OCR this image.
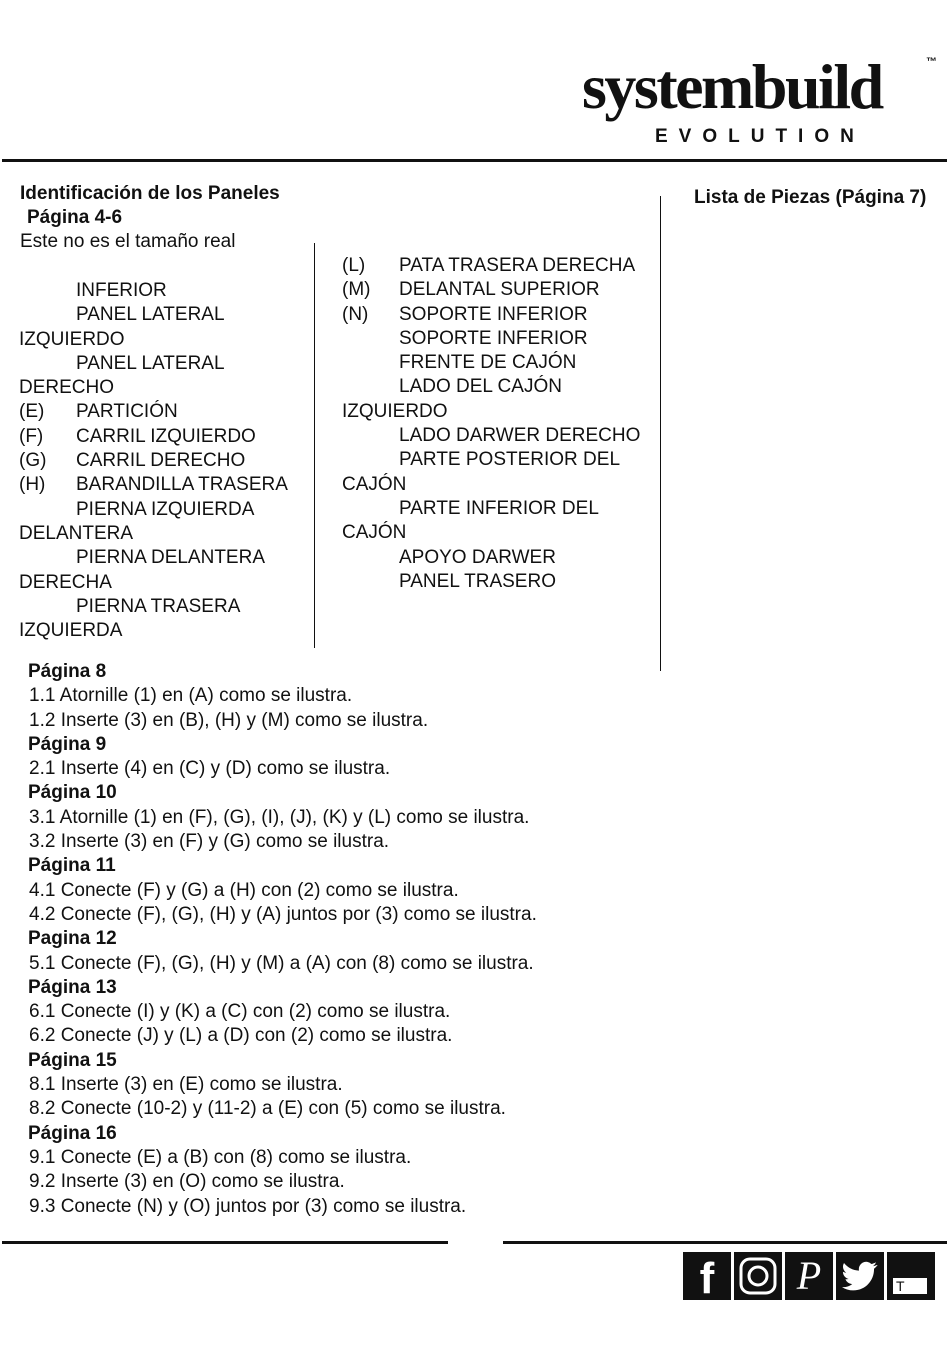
systembuild	™
EVOLUTION
Identificación de los Paneles
Página 4-6
Este no es el tamaño real
INFERIOR
PANEL LATERAL
IZQUIERDO
PANEL LATERAL
DERECHO
(E) PARTICIÓN
(F) CARRIL IZQUIERDO
(G) CARRIL DERECHO
(H) BARANDILLA TRASERA
PIERNA IZQUIERDA
DELANTERA
PIERNA DELANTERA
DERECHA
PIERNA TRASERA
IZQUIERDA
(L) PATA TRASERA DERECHA
(M) DELANTAL SUPERIOR
(N) SOPORTE INFERIOR
SOPORTE INFERIOR
FRENTE DE CAJÓN
LADO DEL CAJÓN
IZQUIERDO
LADO DARWER DERECHO
PARTE POSTERIOR DEL
CAJÓN
PARTE INFERIOR DEL
CAJÓN
APOYO DARWER
PANEL TRASERO
Lista de Piezas (Página 7)
Página 8
1.1 Atornille (1) en (A) como se ilustra.
1.2 Inserte (3) en (B), (H) y (M) como se ilustra.
Página 9
2.1 Inserte (4) en (C) y (D) como se ilustra.
Página 10
3.1 Atornille (1) en (F), (G), (I), (J), (K) y (L) como se ilustra.
3.2 Inserte (3) en (F) y (G) como se ilustra.
Página 11
4.1 Conecte (F) y (G) a (H) con (2) como se ilustra.
4.2 Conecte (F), (G), (H) y (A) juntos por (3) como se ilustra.
Pagina 12
5.1 Conecte (F), (G), (H) y (M) a (A) con (8) como se ilustra.
Página 13
6.1 Conecte (I) y (K) a (C) con (2) como se ilustra.
6.2 Conecte (J) y (L) a (D) con (2) como se ilustra.
Página 15
8.1 Inserte (3) en (E) como se ilustra.
8.2 Conecte (10-2) y (11-2) a (E) con (5) como se ilustra.
Página 16
9.1 Conecte (E) a (B) con (8) como se ilustra.
9.2 Inserte (3) en (O) como se ilustra.
9.3 Conecte (N) y (O) juntos por (3) como se ilustra.
f P	T
